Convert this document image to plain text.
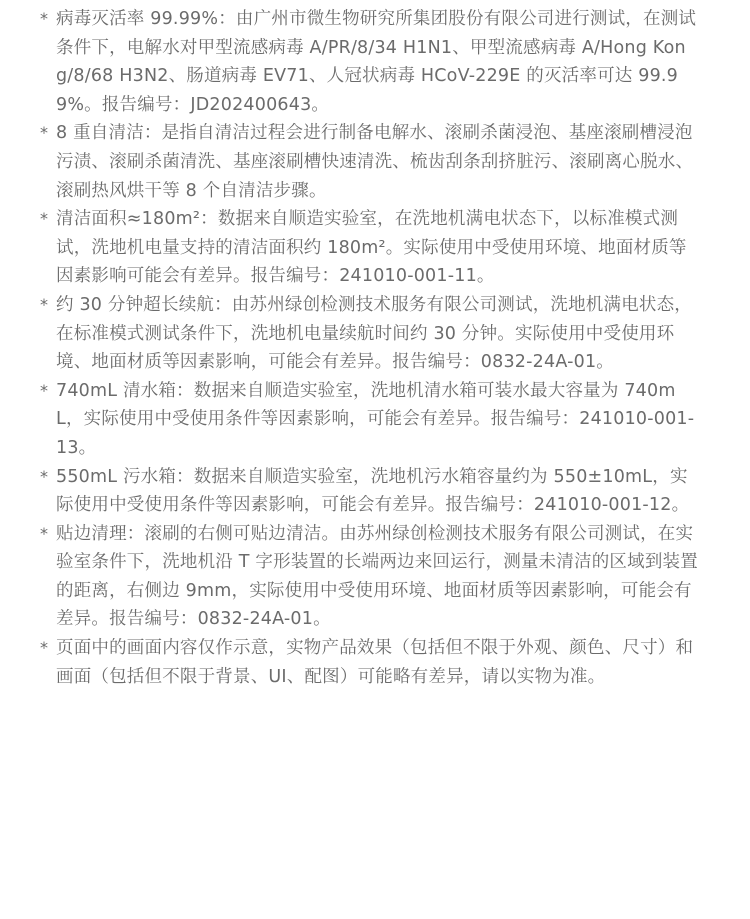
* 病毒灭活率 99.99%：由广州市微生物研究所集团股份有限公司进行测试，在测试条件下，电解水对甲型流感病毒 A/PR/8/34 H1N1、甲型流感病毒 A/Hong Kong/8/68 H3N2、肠道病毒 EV71、人冠状病毒 HCoV-229E 的灭活率可达 99.99%。报告编号：JD202400643。
* 8 重自清洁：是指自清洁过程会进行制备电解水、滚刷杀菌浸泡、基座滚刷槽浸泡污渍、滚刷杀菌清洗、基座滚刷槽快速清洗、梳齿刮条刮挤脏污、滚刷离心脱水、滚刷热风烘干等 8 个自清洁步骤。
* 清洁面积≈180m²：数据来自顺造实验室，在洗地机满电状态下，以标准模式测试，洗地机电量支持的清洁面积约 180m²。实际使用中受使用环境、地面材质等因素影响可能会有差异。报告编号：241010-001-11。
* 约 30 分钟超长续航：由苏州绿创检测技术服务有限公司测试，洗地机满电状态，在标准模式测试条件下，洗地机电量续航时间约 30 分钟。实际使用中受使用环境、地面材质等因素影响，可能会有差异。报告编号：0832-24A-01。
* 740mL 清水箱：数据来自顺造实验室，洗地机清水箱可装水最大容量为 740mL，实际使用中受使用条件等因素影响，可能会有差异。报告编号：241010-001-13。
* 550mL 污水箱：数据来自顺造实验室，洗地机污水箱容量约为 550±10mL，实际使用中受使用条件等因素影响，可能会有差异。报告编号：241010-001-12。
* 贴边清理：滚刷的右侧可贴边清洁。由苏州绿创检测技术服务有限公司测试，在实验室条件下，洗地机沿 T 字形装置的长端两边来回运行，测量未清洁的区域到装置的距离，右侧边 9mm，实际使用中受使用环境、地面材质等因素影响，可能会有差异。报告编号：0832-24A-01。
* 页面中的画面内容仅作示意，实物产品效果（包括但不限于外观、颜色、尺寸）和画面（包括但不限于背景、UI、配图）可能略有差异，请以实物为准。
